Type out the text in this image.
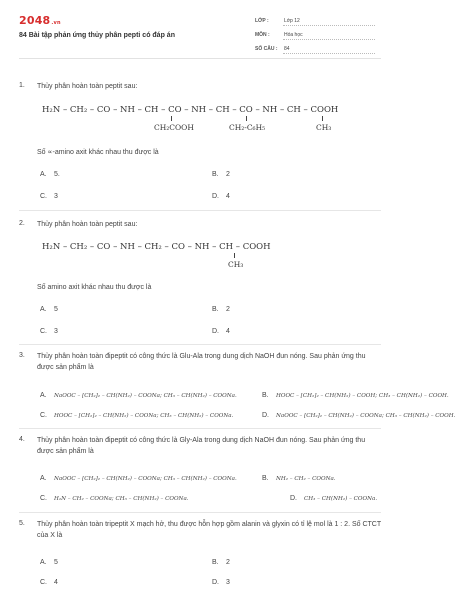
2048.vn
84 Bài tập phản ứng thủy phân pepti có đáp án
LỚP :	Lớp 12
MÔN :	Hóa học
SỐ CÂU : 84
1. Thủy phân hoàn toàn peptit sau:
H₂N – CH₂ – CO – NH – CH – CO – NH – CH – CO – NH – CH – COOH
CH₂COOH	CH₂-C₆H₅	CH₃
Số ∝-amino axit khác nhau thu được là
A. 5.	B. 2
C. 3	D. 4
2. Thủy phân hoàn toàn peptit sau:
H₂N – CH₂ – CO – NH – CH₂ – CO – NH – CH – COOH
CH₃
Số amino axit khác nhau thu được là
A. 5	B. 2
C. 3	D. 4
3. Thủy phân hoàn toàn đipeptit có công thức là Glu-Ala trong dung dịch NaOH đun nóng. Sau phản ứng thu được sản phẩm là
A. NaOOC – [CH₂]₂ – CH(NH₂) – COONa; CH₃ – CH(NH₂) – COONa.	B. HOOC – [CH₂]₂ – CH(NH₂) – COOH; CH₃ – CH(NH₂) – COOH.
C. HOOC – [CH₂]₂ – CH(NH₂) – COONa; CH₃ – CH(NH₂) – COONa.	D. NaOOC – [CH₂]₂ – CH(NH₂) – COONa; CH₃ – CH(NH₂) – COOH.
4. Thủy phân hoàn toàn đipeptit có công thức là Gly-Ala trong dung dịch NaOH đun nóng. Sau phản ứng thu được sản phẩm là
A. NaOOC – [CH₂]₂ – CH(NH₂) – COONa; CH₃ – CH(NH₂) – COONa.	B. NH₂ – CH₂ – COONa.
C. H₂N – CH₂ – COONa; CH₃ – CH(NH₂) – COONa.	D. CH₃ – CH(NH₂) – COONa.
5. Thủy phân hoàn toàn tripeptit X mạch hở, thu được hỗn hợp gồm alanin và glyxin có tỉ lệ mol là 1 : 2. Số CTCT của X là
A. 5	B. 2
C. 4	D. 3
